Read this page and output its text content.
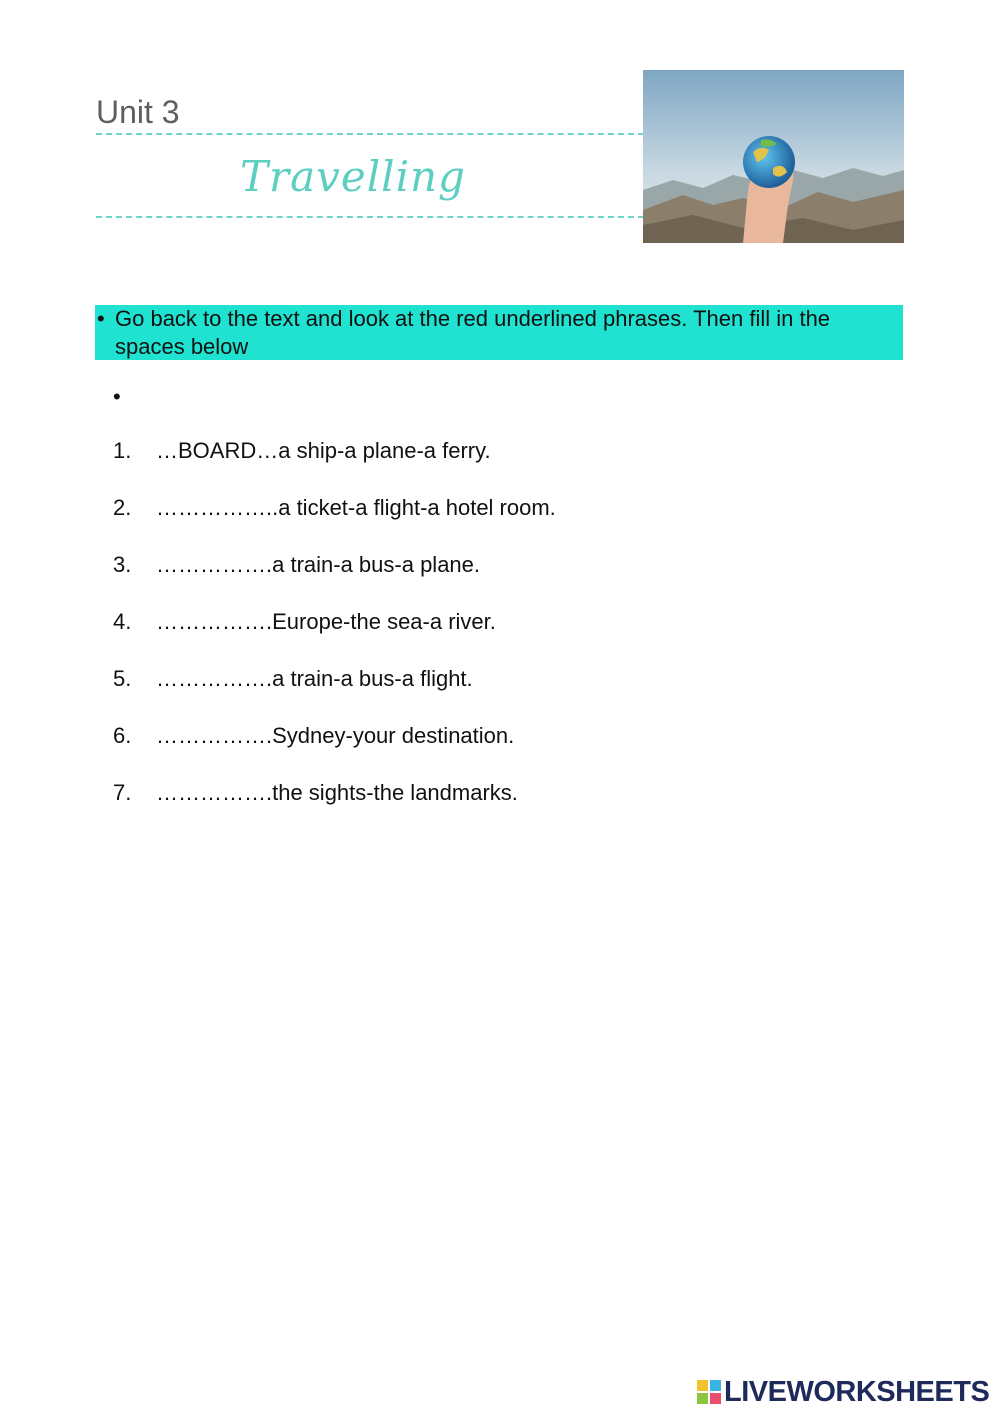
Unit 3
Travelling
• Go back to the text and look at the red underlined phrases. Then fill in the spaces below
•
1. …BOARD…a ship-a plane-a ferry.
2. ……………..a ticket-a flight-a hotel room.
3. …………….a train-a bus-a plane.
4. …………….Europe-the sea-a river.
5. …………….a train-a bus-a flight.
6. …………….Sydney-your destination.
7. …………….the sights-the landmarks.
LIVEWORKSHEETS
